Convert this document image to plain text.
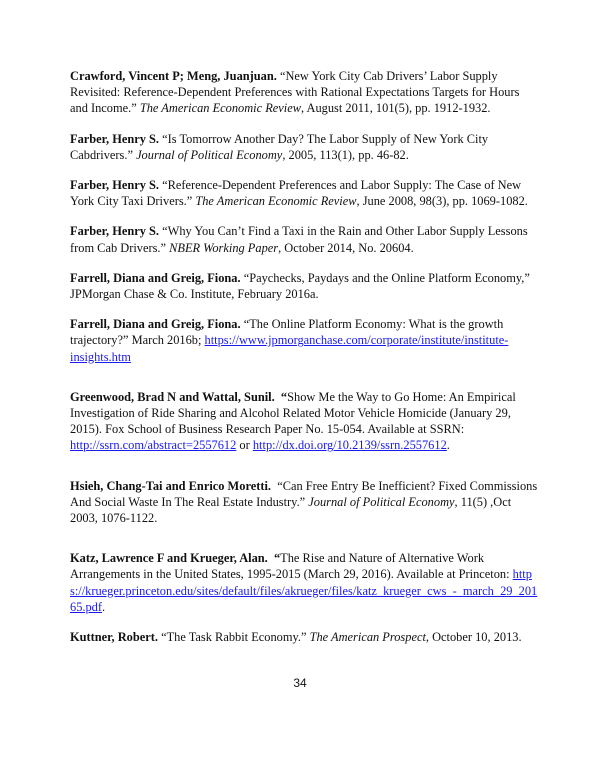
Crawford, Vincent P; Meng, Juanjuan. “New York City Cab Drivers’ Labor Supply Revisited: Reference-Dependent Preferences with Rational Expectations Targets for Hours and Income.” The American Economic Review, August 2011, 101(5), pp. 1912-1932.

Farber, Henry S. “Is Tomorrow Another Day? The Labor Supply of New York City Cabdrivers.” Journal of Political Economy, 2005, 113(1), pp. 46-82.

Farber, Henry S. “Reference-Dependent Preferences and Labor Supply: The Case of New York City Taxi Drivers.” The American Economic Review, June 2008, 98(3), pp. 1069-1082.

Farber, Henry S. “Why You Can’t Find a Taxi in the Rain and Other Labor Supply Lessons from Cab Drivers.” NBER Working Paper, October 2014, No. 20604.

Farrell, Diana and Greig, Fiona. “Paychecks, Paydays and the Online Platform Economy,” JPMorgan Chase & Co. Institute, February 2016a.

Farrell, Diana and Greig, Fiona. “The Online Platform Economy: What is the growth trajectory?” March 2016b; https://www.jpmorganchase.com/corporate/institute/institute-insights.htm

Greenwood, Brad N and Wattal, Sunil.  “Show Me the Way to Go Home: An Empirical Investigation of Ride Sharing and Alcohol Related Motor Vehicle Homicide (January 29, 2015). Fox School of Business Research Paper No. 15-054. Available at SSRN: http://ssrn.com/abstract=2557612 or http://dx.doi.org/10.2139/ssrn.2557612.

Hsieh, Chang-Tai and Enrico Moretti.  “Can Free Entry Be Inefficient? Fixed Commissions And Social Waste In The Real Estate Industry.” Journal of Political Economy, 11(5) ,Oct 2003, 1076-1122.

Katz, Lawrence F and Krueger, Alan.  “The Rise and Nature of Alternative Work Arrangements in the United States, 1995-2015 (March 29, 2016). Available at Princeton: https://krueger.princeton.edu/sites/default/files/akrueger/files/katz_krueger_cws_-_march_29_20165.pdf.

Kuttner, Robert. “The Task Rabbit Economy.” The American Prospect, October 10, 2013.

34
